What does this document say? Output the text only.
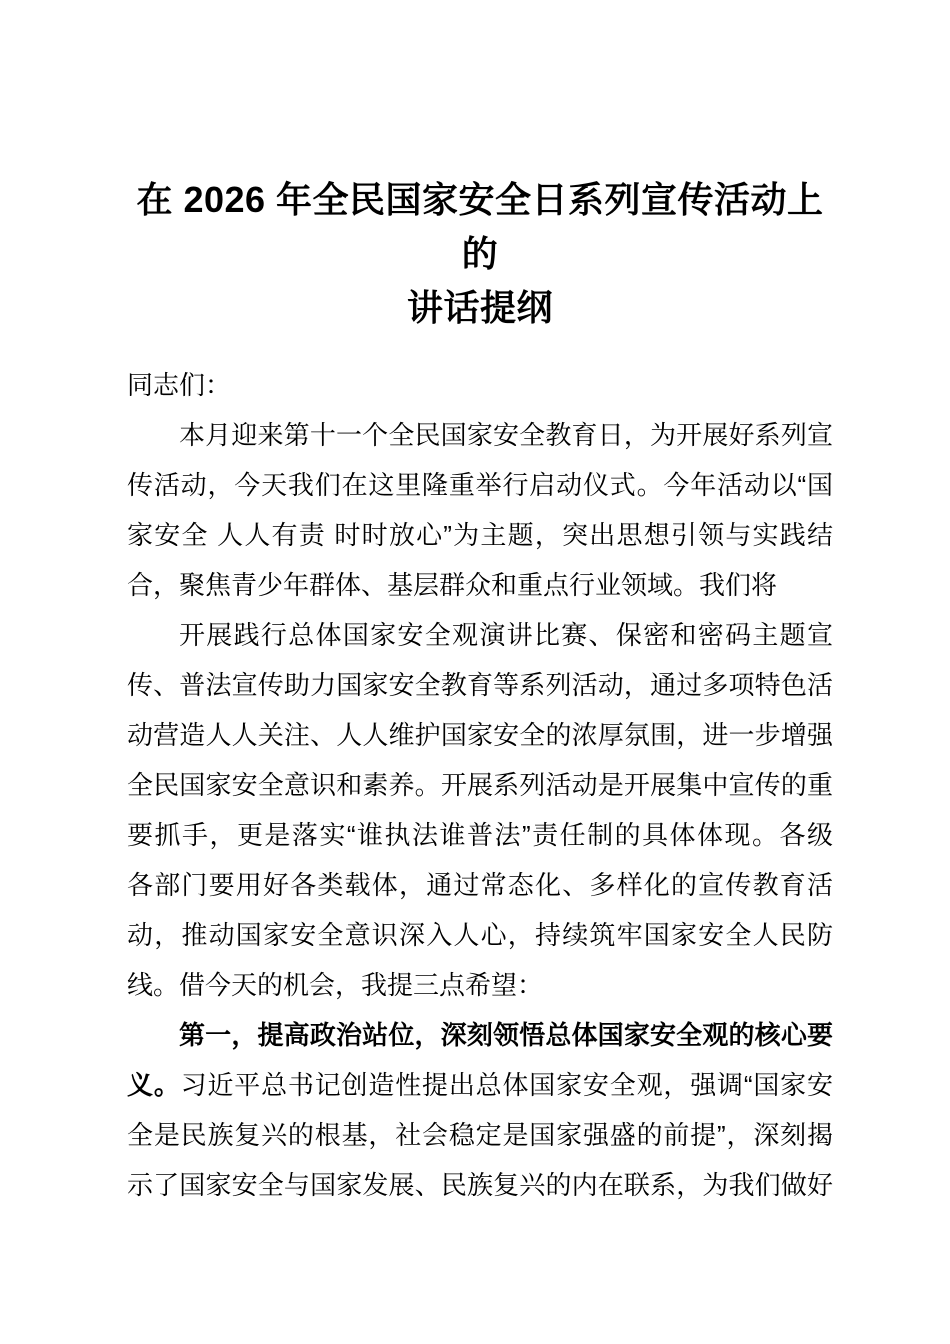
在 2026 年全民国家安全日系列宣传活动上的
讲话提纲

同志们：

本月迎来第十一个全民国家安全教育日，为开展好系列宣
传活动，今天我们在这里隆重举行启动仪式。今年活动以“国
家安全 人人有责 时时放心”为主题，突出思想引领与实践结
合，聚焦青少年群体、基层群众和重点行业领域。我们将

开展践行总体国家安全观演讲比赛、保密和密码主题宣
传、普法宣传助力国家安全教育等系列活动，通过多项特色活
动营造人人关注、人人维护国家安全的浓厚氛围，进一步增强
全民国家安全意识和素养。开展系列活动是开展集中宣传的重
要抓手，更是落实“谁执法谁普法”责任制的具体体现。各级
各部门要用好各类载体，通过常态化、多样化的宣传教育活
动，推动国家安全意识深入人心，持续筑牢国家安全人民防
线。借今天的机会，我提三点希望：

第一，提高政治站位，深刻领悟总体国家安全观的核心要
义。习近平总书记创造性提出总体国家安全观，强调“国家安
全是民族复兴的根基，社会稳定是国家强盛的前提”，深刻揭
示了国家安全与国家发展、民族复兴的内在联系，为我们做好
